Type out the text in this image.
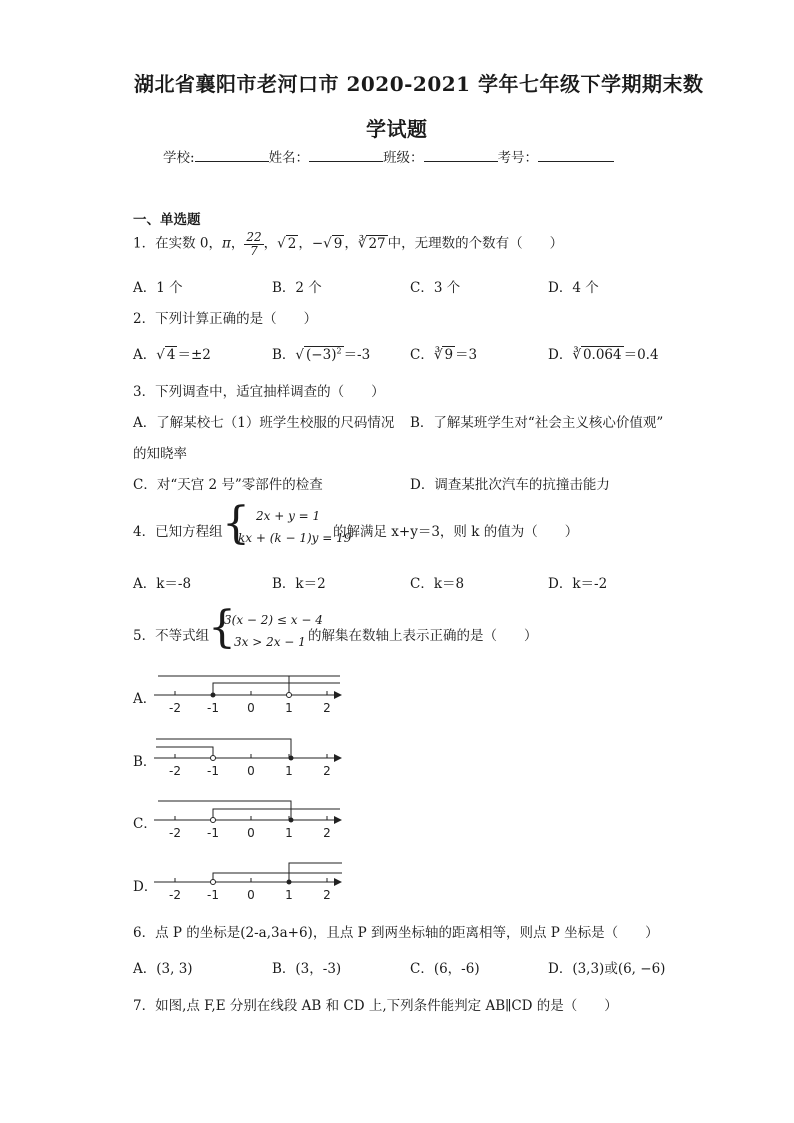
湖北省襄阳市老河口市 2020-2021 学年七年级下学期期末数
学试题
学校:	姓名：	班级：	考号：
一、单选题
1．在实数 0，π， $\frac{22}{7}$ ，√ 2 ，−√ 9 ，∛ 27 中，无理数的个数有（　　）
A．1 个	B．2 个	C．3 个	D．4 个
2．下列计算正确的是（　　）
A．√ 4 ＝±2	B．√ $(-3)^2 =-3$	C．∛ 9 ＝3	D．∛ 0.064 ＝0.4
3．下列调查中，适宜抽样调查的（　　）
A．了解某校七（1）班学生校服的尺码情况 B．了解某班学生对“社会主义核心价值观”
的知晓率
C．对“天宫 2 号”零部件的检查	D．调查某批次汽车的抗撞击能力
4．已知方程组 { 2x + y = 1
kx + (k − 1)y = 19
的解满足 x+y＝3，则 k 的值为（　　）
A．k＝-8	B．k＝2	C．k＝8	D．k＝-2
5．不等式组
{
3(x − 2) ≤ x − 4
3x > 2x − 1 的解集在数轴上表示正确的是（　　）
A．
B．
C．
D．
-2 -1 0	1	2
-2 -1 0	1	2
-2 -1 0	1	2
-2 -1 0	1	2
6．点 P 的坐标是(2-a,3a+6)，且点 P 到两坐标轴的距离相等，则点 P 坐标是（　　）
A．(3, 3)	B．(3，-3)	C．(6，-6)	D．(3,3)或(6, −6)
7．如图,点 F,E 分别在线段 AB 和 CD 上,下列条件能判定 AB∥CD 的是（　　）
